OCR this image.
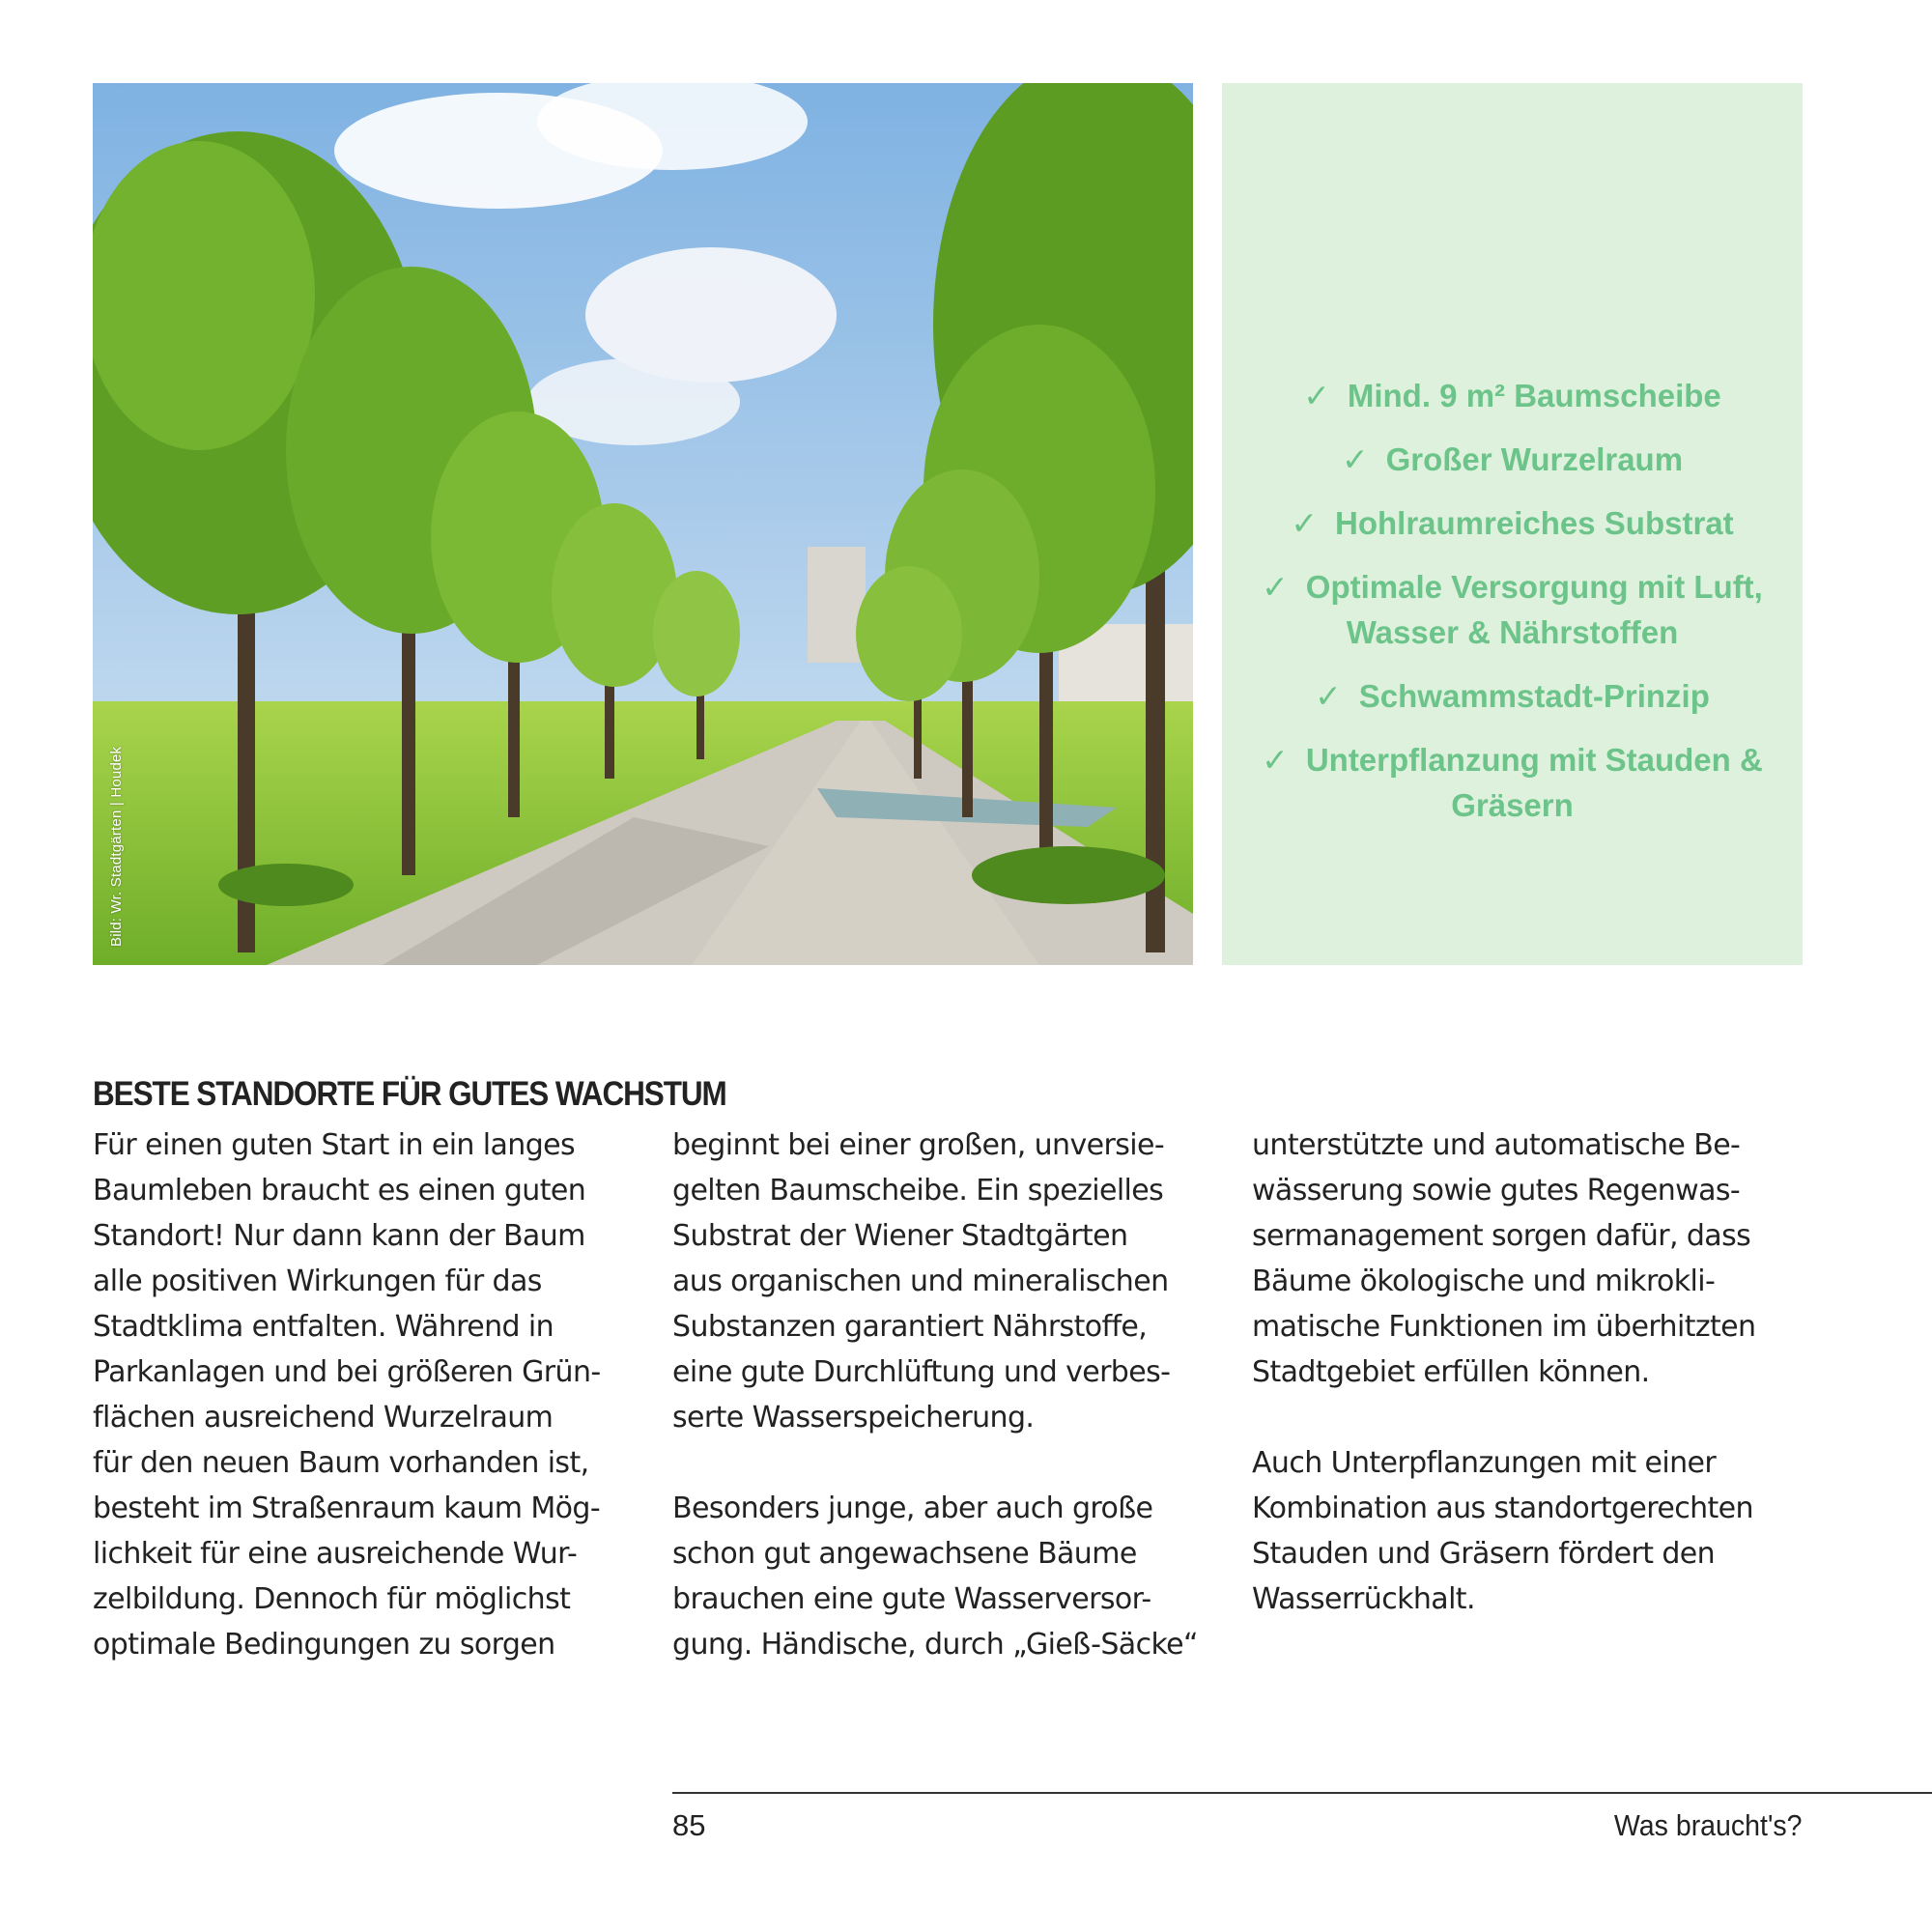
Bild: Wr. Stadtgärten | Houdek
✓ Mind. 9 m² Baumscheibe
✓ Großer Wurzelraum
✓ Hohlraumreiches Substrat
✓ Optimale Versorgung mit Luft,
Wasser & Nährstoffen
✓ Schwammstadt-Prinzip
✓ Unterpflanzung mit Stauden &
Gräsern
BESTE STANDORTE FÜR GUTES WACHSTUM
Für einen guten Start in ein langes
Baumleben braucht es einen guten
Standort! Nur dann kann der Baum
alle positiven Wirkungen für das
Stadtklima entfalten. Während in
Parkanlagen und bei größeren Grün-
flächen ausreichend Wurzelraum
für den neuen Baum vorhanden ist,
besteht im Straßenraum kaum Mög-
lichkeit für eine ausreichende Wur-
zelbildung. Dennoch für möglichst
optimale Bedingungen zu sorgen
beginnt bei einer großen, unversie-
gelten Baumscheibe. Ein spezielles
Substrat der Wiener Stadtgärten
aus organischen und mineralischen
Substanzen garantiert Nährstoffe,
eine gute Durchlüftung und verbes-
serte Wasserspeicherung.
Besonders junge, aber auch große
schon gut angewachsene Bäume
brauchen eine gute Wasserversor-
gung. Händische, durch „Gieß-Säcke“
unterstützte und automatische Be-
wässerung sowie gutes Regenwas-
sermanagement sorgen dafür, dass
Bäume ökologische und mikrokli-
matische Funktionen im überhitzten
Stadtgebiet erfüllen können.
Auch Unterpflanzungen mit einer
Kombination aus standortgerechten
Stauden und Gräsern fördert den
Wasserrückhalt.
85	Was braucht's?
